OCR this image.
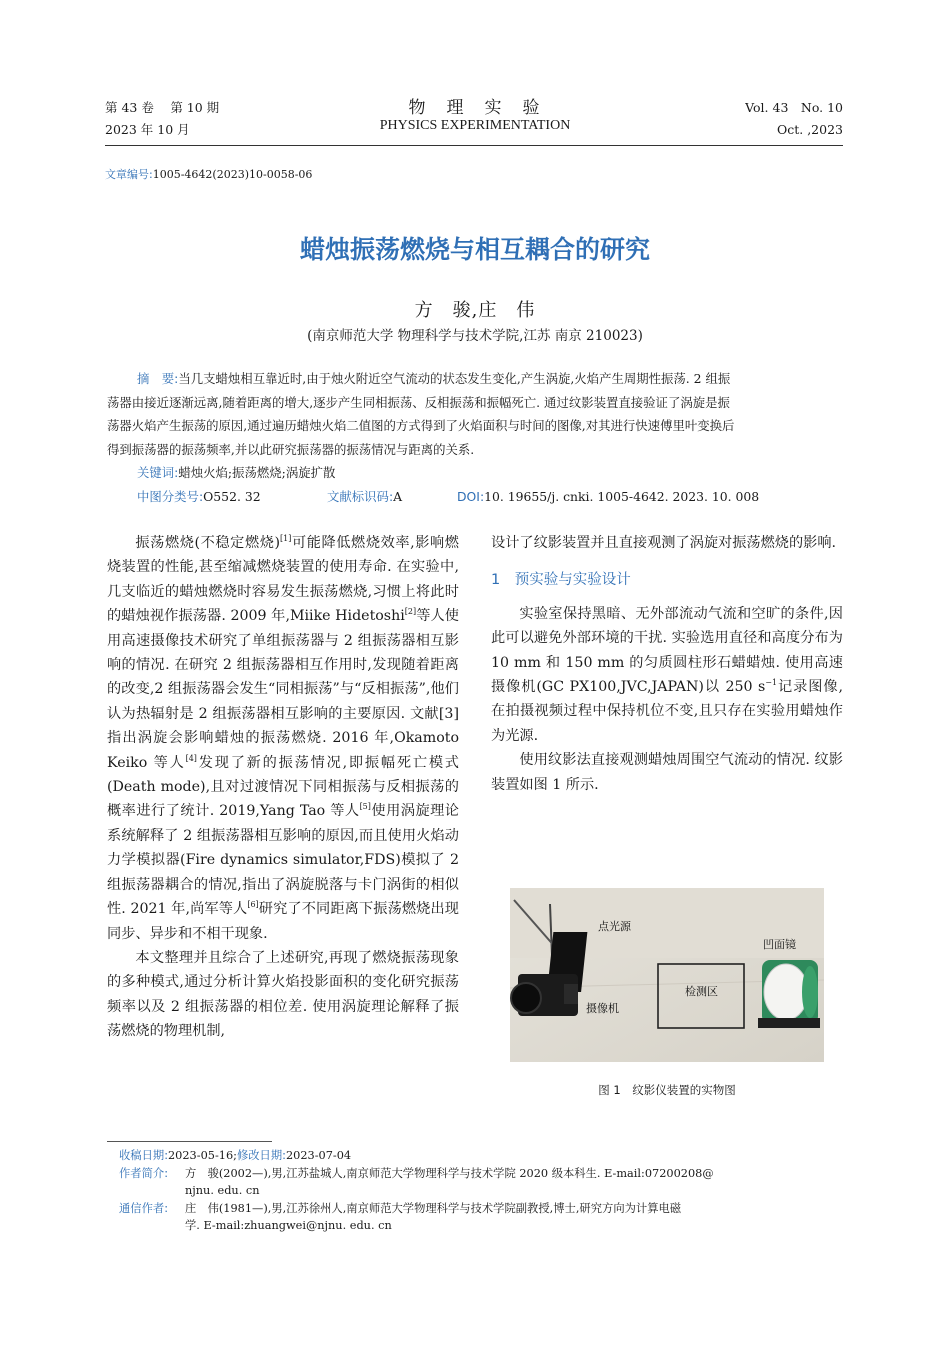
第 43 卷　 第 10 期
2023 年 10 月
物　理　实　验
PHYSICS EXPERIMENTATION
Vol. 43　No. 10
Oct. ,2023
文章编号:1005-4642(2023)10-0058-06
蜡烛振荡燃烧与相互耦合的研究
方　骏,庄　伟
(南京师范大学 物理科学与技术学院,江苏 南京 210023)
摘　要:当几支蜡烛相互靠近时,由于烛火附近空气流动的状态发生变化,产生涡旋,火焰产生周期性振荡. 2 组振
荡器由接近逐渐远离,随着距离的增大,逐步产生同相振荡、反相振荡和振幅死亡. 通过纹影装置直接验证了涡旋是振
荡器火焰产生振荡的原因,通过遍历蜡烛火焰二值图的方式得到了火焰面积与时间的图像,对其进行快速傅里叶变换后
得到振荡器的振荡频率,并以此研究振荡器的振荡情况与距离的关系.
关键词:蜡烛火焰;振荡燃烧;涡旋扩散
中图分类号:O552. 32	文献标识码:A	DOI:10. 19655/j. cnki. 1005-4642. 2023. 10. 008

振荡燃烧(不稳定燃烧)[1]可能降低燃烧效率,影响燃烧装置的性能,甚至缩减燃烧装置的使用寿命. 在实验中,几支临近的蜡烛燃烧时容易发生振荡燃烧,习惯上将此时的蜡烛视作振荡器. 2009 年,Miike Hidetoshi[2]等人使用高速摄像技术研究了单组振荡器与 2 组振荡器相互影响的情况. 在研究 2 组振荡器相互作用时,发现随着距离的改变,2 组振荡器会发生“同相振荡”与“反相振荡”,他们认为热辐射是 2 组振荡器相互影响的主要原因. 文献[3]指出涡旋会影响蜡烛的振荡燃烧. 2016 年,Okamoto Keiko 等人[4]发现了新的振荡情况,即振幅死亡模式(Death mode),且对过渡情况下同相振荡与反相振荡的概率进行了统计. 2019,Yang Tao 等人[5]使用涡旋理论系统解释了 2 组振荡器相互影响的原因,而且使用火焰动力学模拟器(Fire dynamics simulator,FDS)模拟了 2 组振荡器耦合的情况,指出了涡旋脱落与卡门涡街的相似性. 2021 年,尚军等人[6]研究了不同距离下振荡燃烧出现同步、异步和不相干现象.

本文整理并且综合了上述研究,再现了燃烧振荡现象的多种模式,通过分析计算火焰投影面积的变化研究振荡频率以及 2 组振荡器的相位差. 使用涡旋理论解释了振荡燃烧的物理机制,

设计了纹影装置并且直接观测了涡旋对振荡燃烧的影响.

1　预实验与实验设计

实验室保持黑暗、无外部流动气流和空旷的条件,因此可以避免外部环境的干扰. 实验选用直径和高度分布为 10 mm 和 150 mm 的匀质圆柱形石蜡蜡烛. 使用高速摄像机(GC PX100,JVC,JAPAN)以 250 $s^{-1}$记录图像,在拍摄视频过程中保持机位不变,且只存在实验用蜡烛作为光源.

使用纹影法直接观测蜡烛周围空气流动的情况. 纹影装置如图 1 所示.

点光源
摄像机
检测区
凹面镜
图 1　纹影仪装置的实物图
收稿日期:2023-05-16;修改日期:2023-07-04
作者简介:	方　骏(2002—),男,江苏盐城人,南京师范大学物理科学与技术学院 2020 级本科生. E-mail:07200208@
njnu. edu. cn
通信作者:	庄　伟(1981—),男,江苏徐州人,南京师范大学物理科学与技术学院副教授,博士,研究方向为计算电磁
学. E-mail:zhuangwei@njnu. edu. cn
